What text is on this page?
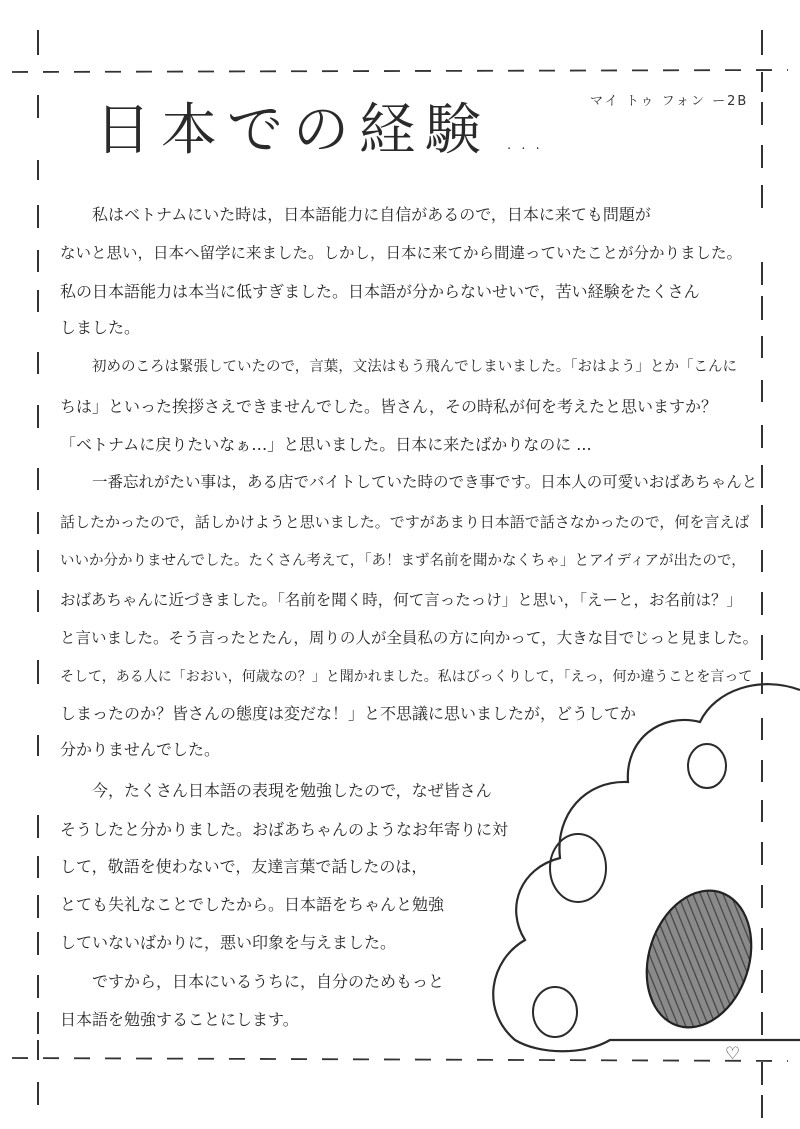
マイ トゥ フォン ー2B
日本での経験 ...
私はベトナムにいた時は，日本語能力に自信があるので，日本に来ても問題が
ないと思い，日本へ留学に来ました。しかし，日本に来てから間違っていたことが分かりました。
私の日本語能力は本当に低すぎました。日本語が分からないせいで，苦い経験をたくさん
しました。
初めのころは緊張していたので，言葉，文法はもう飛んでしまいました。「おはよう」とか「こんに
ちは」といった挨拶さえできませんでした。皆さん，その時私が何を考えたと思いますか？
「ベトナムに戻りたいなぁ…」と思いました。日本に来たばかりなのに ...
一番忘れがたい事は，ある店でバイトしていた時のでき事です。日本人の可愛いおばあちゃんと
話したかったので，話しかけようと思いました。ですがあまり日本語で話さなかったので，何を言えば
いいか分かりませんでした。たくさん考えて，「あ！まず名前を聞かなくちゃ」とアイディアが出たので，
おばあちゃんに近づきました。「名前を聞く時，何て言ったっけ」と思い，「えーと，お名前は？」
と言いました。そう言ったとたん，周りの人が全員私の方に向かって，大きな目でじっと見ました。
そして，ある人に「おおい，何歳なの？」と聞かれました。私はびっくりして，「えっ，何か違うことを言って
しまったのか？皆さんの態度は変だな！」と不思議に思いましたが，どうしてか
分かりませんでした。
今，たくさん日本語の表現を勉強したので，なぜ皆さん
そうしたと分かりました。おばあちゃんのようなお年寄りに対
して，敬語を使わないで，友達言葉で話したのは，
とても失礼なことでしたから。日本語をちゃんと勉強
していないばかりに，悪い印象を与えました。
ですから，日本にいるうちに，自分のためもっと
日本語を勉強することにします。
♡
